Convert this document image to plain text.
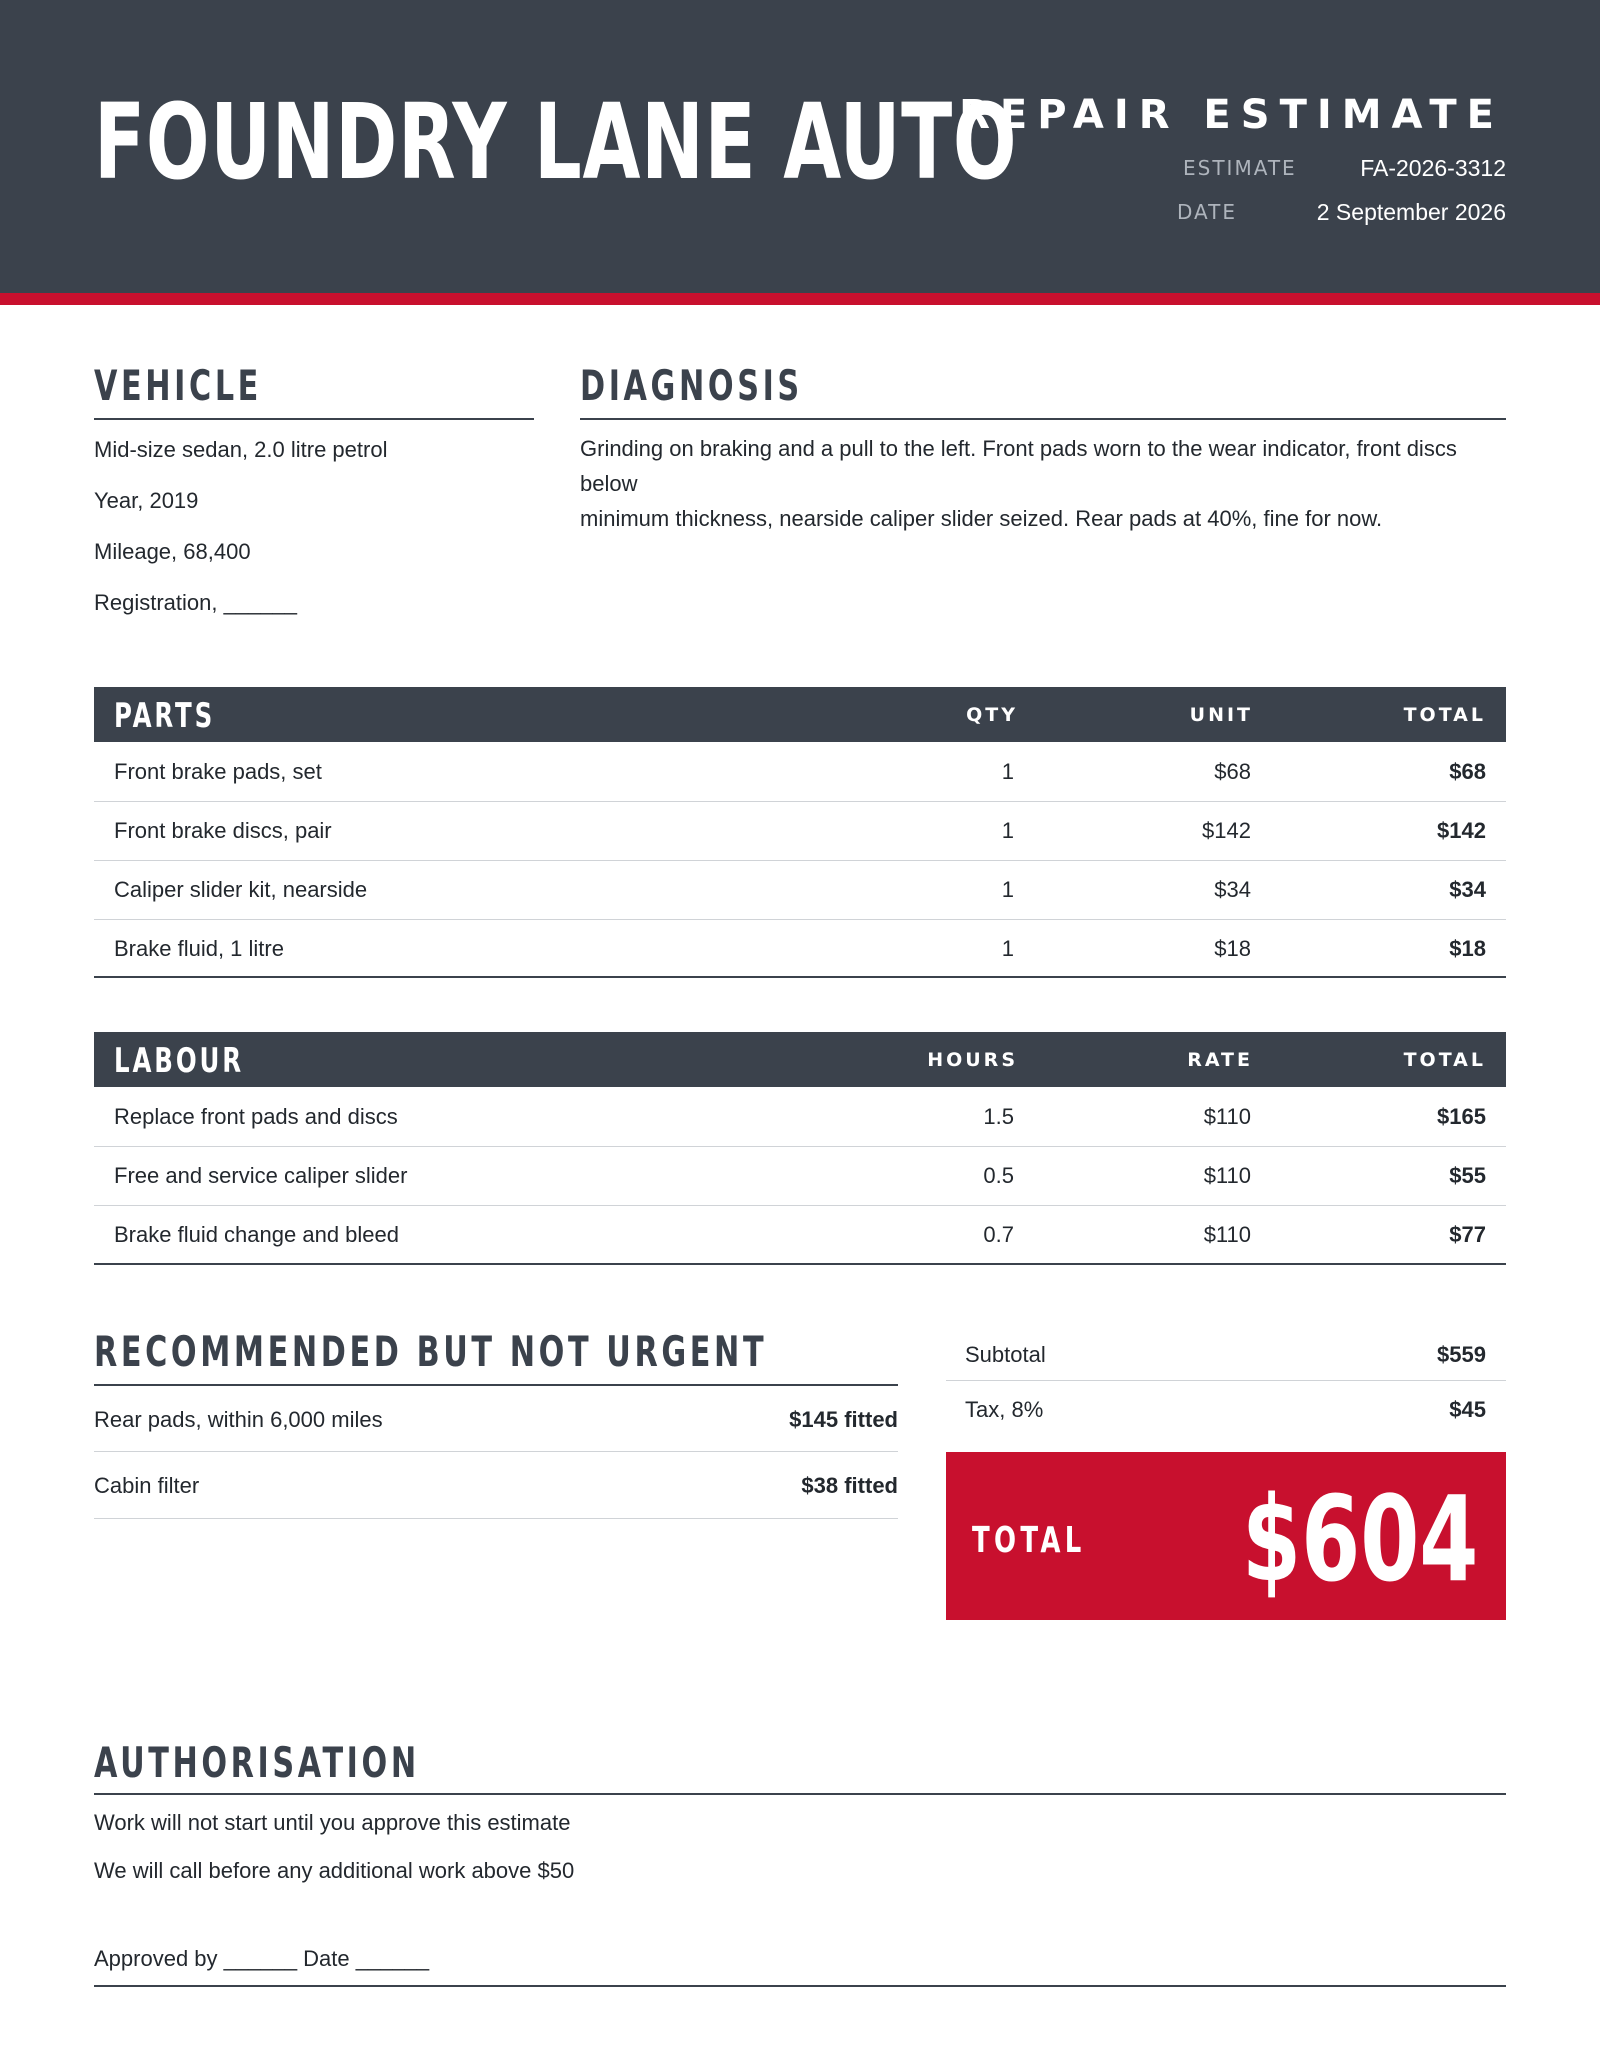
FOUNDRY LANE AUTO
REPAIR ESTIMATE
ESTIMATE	FA-2026-3312
DATE	2 September 2026
VEHICLE
Mid-size sedan, 2.0 litre petrol
Year, 2019
Mileage, 68,400
Registration, ______
DIAGNOSIS
Grinding on braking and a pull to the left. Front pads worn to the wear indicator, front discs below
minimum thickness, nearside caliper slider seized. Rear pads at 40%, fine for now.
PARTS	QTY	UNIT	TOTAL
Front brake pads, set	1	$68	$68
Front brake discs, pair	1	$142	$142
Caliper slider kit, nearside	1	$34	$34
Brake fluid, 1 litre	1	$18	$18
LABOUR	HOURS	RATE	TOTAL
Replace front pads and discs	1.5	$110	$165
Free and service caliper slider	0.5	$110	$55
Brake fluid change and bleed	0.7	$110	$77
RECOMMENDED BUT NOT URGENT
Rear pads, within 6,000 miles	$145 fitted
Cabin filter	$38 fitted
Subtotal	$559
Tax, 8%	$45
TOTAL	$604
AUTHORISATION
Work will not start until you approve this estimate
We will call before any additional work above $50
Approved by ______ Date ______
